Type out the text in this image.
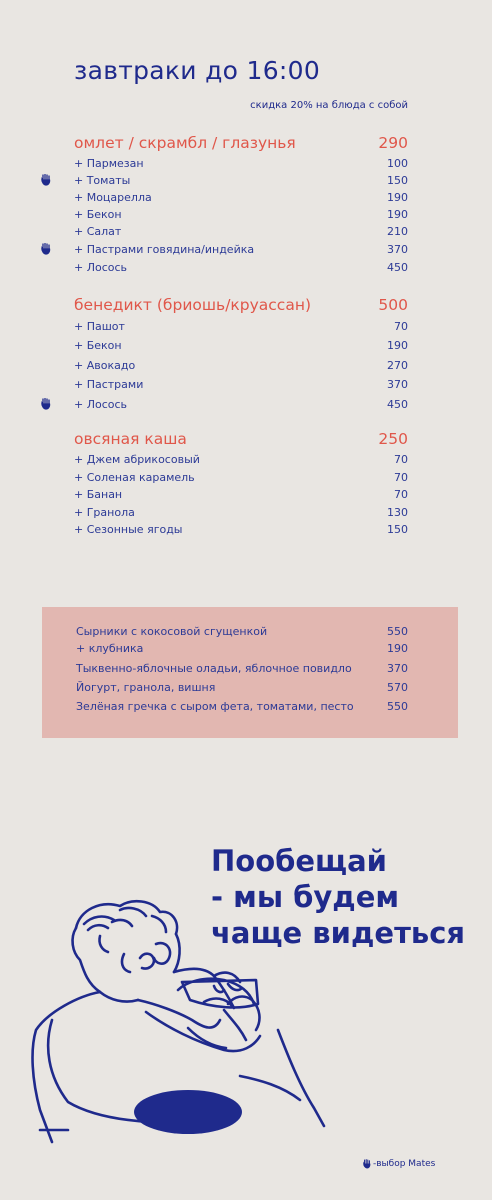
завтраки до 16:00
скидка 20% на блюда с собой
омлет / скрамбл / глазунья	290
+ Пармезан	100
+ Томаты	150
+ Моцарелла	190
+ Бекон	190
+ Салат	210
+ Пастрами говядина/индейка	370
+ Лосось	450
бенедикт (бриошь/круассан)	500
+ Пашот	70
+ Бекон	190
+ Авокадо	270
+ Пастрами	370
+ Лосось	450
овсяная каша	250
+ Джем абрикосовый	70
+ Соленая карамель	70
+ Банан	70
+ Гранола	130
+ Сезонные ягоды	150
Сырники с кокосовой сгущенкой	550
+ клубника	190
Тыквенно-яблочные оладьи, яблочное повидло	370
Йогурт, гранола, вишня	570
Зелёная гречка с сыром фета, томатами, песто	550
Пообещай
- мы будем
чаще видеться
-выбор Mates
